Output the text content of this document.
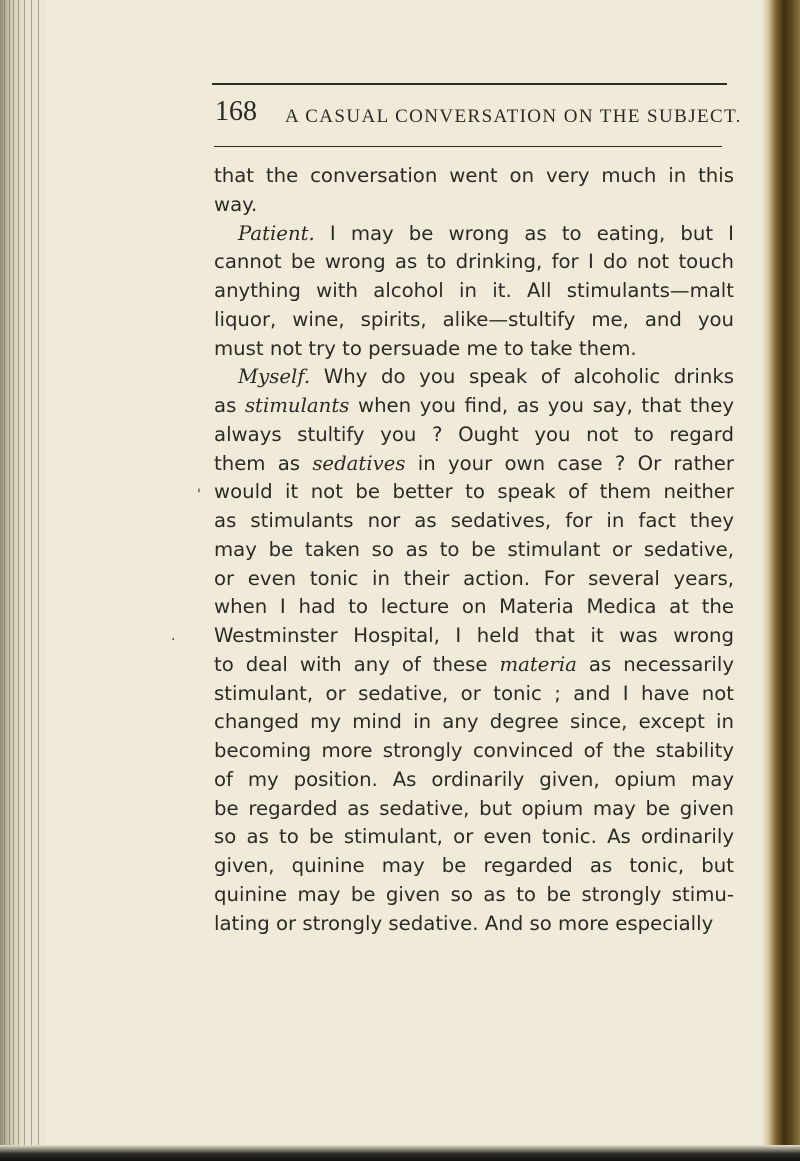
168 A CASUAL CONVERSATION ON THE SUBJECT.
'
.
that the conversation went on very much in this
way.
Patient. I may be wrong as to eating, but I
cannot be wrong as to drinking, for I do not touch
anything with alcohol in it. All stimulants—malt
liquor, wine, spirits, alike—stultify me, and you
must not try to persuade me to take them.
Myself. Why do you speak of alcoholic drinks
as stimulants when you find, as you say, that they
always stultify you ? Ought you not to regard
them as sedatives in your own case ? Or rather
would it not be better to speak of them neither
as stimulants nor as sedatives, for in fact they
may be taken so as to be stimulant or sedative,
or even tonic in their action. For several years,
when I had to lecture on Materia Medica at the
Westminster Hospital, I held that it was wrong
to deal with any of these materia as necessarily
stimulant, or sedative, or tonic ; and I have not
changed my mind in any degree since, except in
becoming more strongly convinced of the stability
of my position. As ordinarily given, opium may
be regarded as sedative, but opium may be given
so as to be stimulant, or even tonic. As ordinarily
given, quinine may be regarded as tonic, but
quinine may be given so as to be strongly stimu-
lating or strongly sedative. And so more especially
